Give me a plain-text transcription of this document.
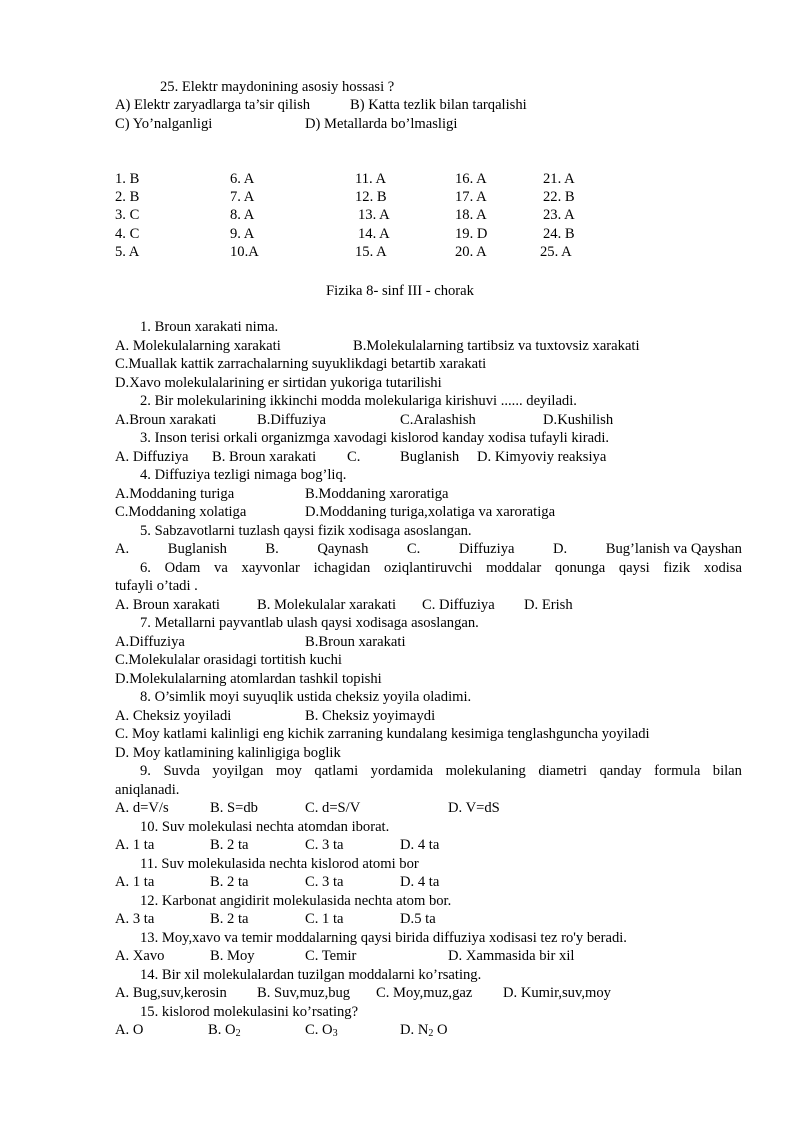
25. Elektr maydonining asosiy hossasi ?
A) Elektr zaryadlarga ta’sir qilish	B) Katta tezlik bilan tarqalishi
C) Yo’nalganligi	D) Metallarda bo’lmasligi
1. B	6. A	11. A	16. A	21. A
2. B	7. A	12. B	17. A	22. B
3. C	8. A	13. A	18. A	23. A
4. C	9. A	14. A	19. D	24. B
5. A	10.A	15. A	20. A	25. A
Fizika 8- sinf III - chorak
1. Broun xarakati nima.
A. Molekulalarning xarakati	B.Molekulalarning tartibsiz va tuxtovsiz xarakati
C.Muallak kattik zarrachalarning suyuklikdagi betartib xarakati
D.Xavo molekulalarining er sirtidan yukoriga tutarilishi
2. Bir molekularining ikkinchi modda molekulariga kirishuvi ...... deyiladi.
A.Broun xarakati	B.Diffuziya	C.Aralashish	D.Kushilish
3. Inson terisi orkali organizmga xavodagi kislorod kanday xodisa tufayli kiradi.
A. Diffuziya B. Broun xarakati C.	Buglanish D. Kimyoviy reaksiya
4. Diffuziya tezligi nimaga bog’liq.
A.Moddaning turiga	B.Moddaning xaroratiga
C.Moddaning xolatiga	D.Moddaning turiga,xolatiga va xaroratiga
5. Sabzavotlarni tuzlash qaysi fizik xodisaga asoslangan.
A.	Buglanish	B.	Qaynash	C.	Diffuziya	D.	Bug’lanish va Qayshan
6. Odam va xayvonlar ichagidan oziqlantiruvchi moddalar qonunga qaysi fizik xodisa
tufayli o’tadi .
A. Broun xarakati	B. Molekulalar xarakati C. Diffuziya D. Erish
7. Metallarni payvantlab ulash qaysi xodisaga asoslangan.
A.Diffuziya	B.Broun xarakati
C.Molekulalar orasidagi tortitish kuchi
D.Molekulalarning atomlardan tashkil topishi
8. O’simlik moyi suyuqlik ustida cheksiz yoyila oladimi.
A. Cheksiz yoyiladi	B. Cheksiz yoyimaydi
C. Moy katlami kalinligi eng kichik zarraning kundalang kesimiga tenglashguncha yoyiladi
D. Moy katlamining kalinligiga boglik
9. Suvda yoyilgan moy qatlami yordamida molekulaning diametri qanday formula bilan
aniqlanadi.
A. d=V/s	B. S=db	C. d=S/V	D. V=dS
10. Suv molekulasi nechta atomdan iborat.
A. 1 ta	B. 2 ta	C. 3 ta	D. 4 ta
11. Suv molekulasida nechta kislorod atomi bor
A. 1 ta	B. 2 ta	C. 3 ta	D. 4 ta
12. Karbonat angidirit molekulasida nechta atom bor.
A. 3 ta	B. 2 ta	C. 1 ta	D.5 ta
13. Moy,xavo va temir moddalarning qaysi birida diffuziya xodisasi tez ro'y beradi.
A. Xavo	B. Moy	C. Temir	D. Xammasida bir xil
14. Bir xil molekulalardan tuzilgan moddalarni ko’rsating.
A. Bug,suv,kerosin B. Suv,muz,bug C. Moy,muz,gaz D. Kumir,suv,moy
15. kislorod molekulasini ko’rsating?
A. O	B. $O_2$	C. $O_3$	D. $N_2$ O
